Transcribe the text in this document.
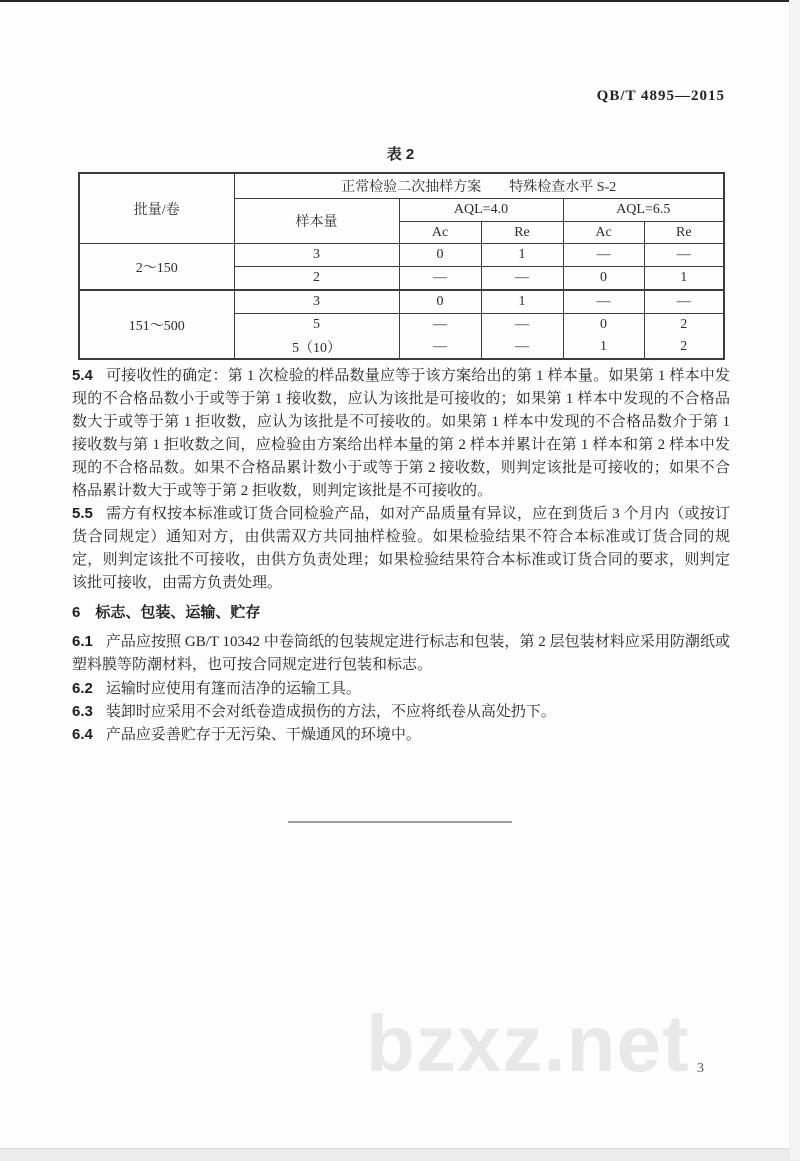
QB/T 4895—2015
表 2
批量/卷	正常检验二次抽样方案　　特殊检查水平 S-2				
	样本量	AQL=4.0		AQL=6.5	
		Ac	Re	Ac	Re
2～150	3	0	1	—	—
	2	—	—	0	1
151～500	3	0	1	—	—
	5	—	—	0	2
	5（10）	—	—	1	2
5.4 可接收性的确定：第 1 次检验的样品数量应等于该方案给出的第 1 样本量。如果第 1 样本中发现的不合格品数小于或等于第 1 接收数，应认为该批是可接收的；如果第 1 样本中发现的不合格品数大于或等于第 1 拒收数，应认为该批是不可接收的。如果第 1 样本中发现的不合格品数介于第 1 接收数与第 1 拒收数之间，应检验由方案给出样本量的第 2 样本并累计在第 1 样本和第 2 样本中发现的不合格品数。如果不合格品累计数小于或等于第 2 接收数，则判定该批是可接收的；如果不合格品累计数大于或等于第 2 拒收数，则判定该批是不可接收的。
5.5 需方有权按本标准或订货合同检验产品，如对产品质量有异议，应在到货后 3 个月内（或按订货合同规定）通知对方，由供需双方共同抽样检验。如果检验结果不符合本标准或订货合同的规定，则判定该批不可接收，由供方负责处理；如果检验结果符合本标准或订货合同的要求，则判定该批可接收，由需方负责处理。
6 标志、包装、运输、贮存
6.1 产品应按照 GB/T 10342 中卷筒纸的包装规定进行标志和包装，第 2 层包装材料应采用防潮纸或塑料膜等防潮材料，也可按合同规定进行包装和标志。
6.2 运输时应使用有篷而洁净的运输工具。
6.3 装卸时应采用不会对纸卷造成损伤的方法，不应将纸卷从高处扔下。
6.4 产品应妥善贮存于无污染、干燥通风的环境中。
bzxz.net 3
